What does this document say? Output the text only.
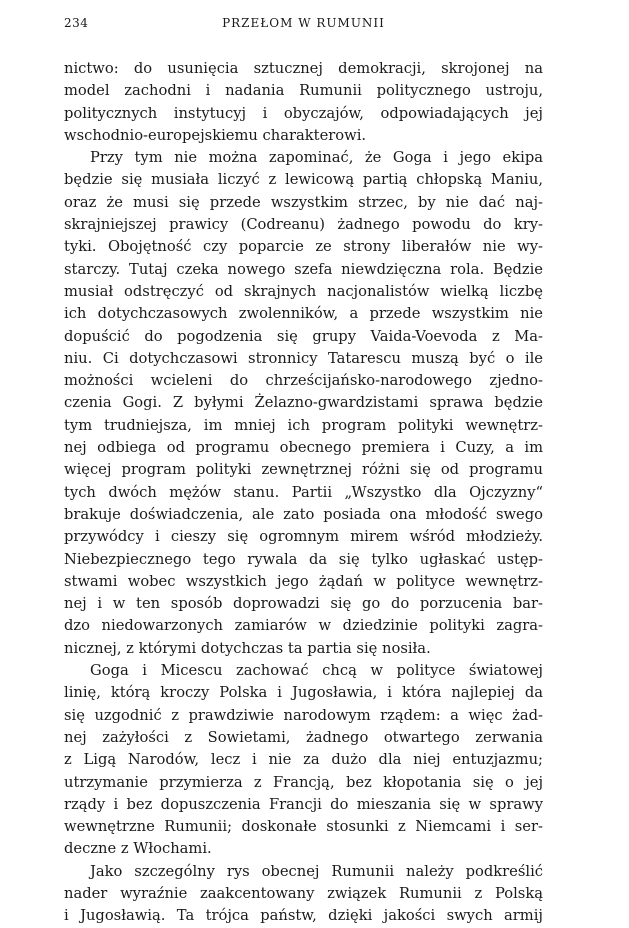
234	PRZEŁOM W RUMUNII

nictwo: do usunięcia sztucznej demokracji, skrojonej na
model zachodni i nadania Rumunii politycznego ustroju,
politycznych instytucyj i obyczajów, odpowiadających jej
wschodnio-europejskiemu charakterowi.

Przy tym nie można zapominać, że Goga i jego ekipa
będzie się musiała liczyć z lewicową partią chłopską Maniu,
oraz że musi się przede wszystkim strzec, by nie dać naj-
skrajniejszej prawicy (Codreanu) żadnego powodu do kry-
tyki. Obojętność czy poparcie ze strony liberałów nie wy-
starczy. Tutaj czeka nowego szefa niewdzięczna rola. Będzie
musiał odstręczyć od skrajnych nacjonalistów wielką liczbę
ich dotychczasowych zwolenników, a przede wszystkim nie
dopuścić do pogodzenia się grupy Vaida-Voevoda z Ma-
niu. Ci dotychczasowi stronnicy Tatarescu muszą być o ile
możności wcieleni do chrześcijańsko-narodowego zjedno-
czenia Gogi. Z byłymi Żelazno-gwardzistami sprawa będzie
tym trudniejsza, im mniej ich program polityki wewnętrz-
nej odbiega od programu obecnego premiera i Cuzy, a im
więcej program polityki zewnętrznej różni się od programu
tych dwóch mężów stanu. Partii „Wszystko dla Ojczyzny“
brakuje doświadczenia, ale zato posiada ona młodość swego
przywódcy i cieszy się ogromnym mirem wśród młodzieży.
Niebezpiecznego tego rywala da się tylko ugłaskać ustęp-
stwami wobec wszystkich jego żądań w polityce wewnętrz-
nej i w ten sposób doprowadzi się go do porzucenia bar-
dzo niedowarzonych zamiarów w dziedzinie polityki zagra-
nicznej, z którymi dotychczas ta partia się nosiła.

Goga i Micescu zachować chcą w polityce światowej
linię, którą kroczy Polska i Jugosławia, i która najlepiej da
się uzgodnić z prawdziwie narodowym rządem: a więc żad-
nej zażyłości z Sowietami, żadnego otwartego zerwania
z Ligą Narodów, lecz i nie za dużo dla niej entuzjazmu;
utrzymanie przymierza z Francją, bez kłopotania się o jej
rządy i bez dopuszczenia Francji do mieszania się w sprawy
wewnętrzne Rumunii; doskonałe stosunki z Niemcami i ser-
deczne z Włochami.

Jako szczególny rys obecnej Rumunii należy podkreślić
nader wyraźnie zaakcentowany związek Rumunii z Polską
i Jugosławią. Ta trójca państw, dzięki jakości swych armij
